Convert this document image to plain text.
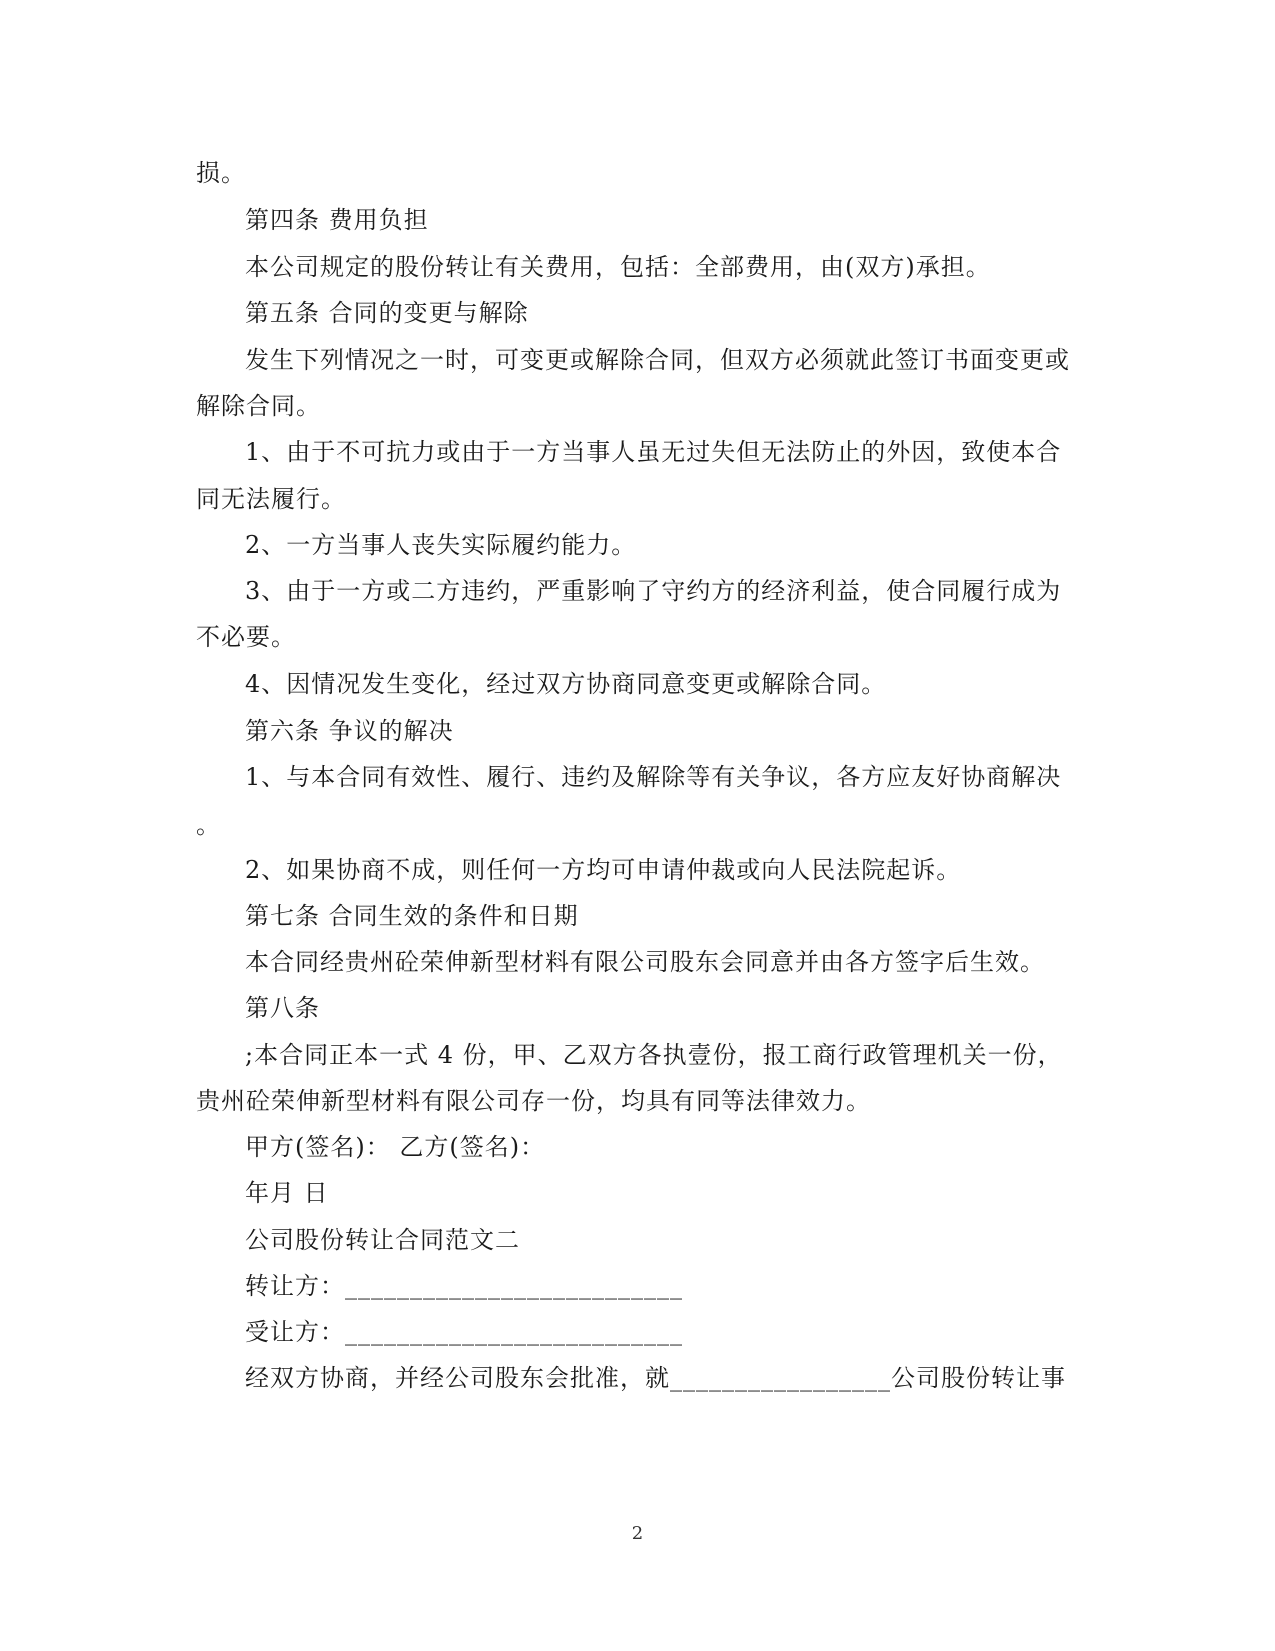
损。
第四条 费用负担
本公司规定的股份转让有关费用，包括：全部费用，由(双方)承担。
第五条 合同的变更与解除
发生下列情况之一时，可变更或解除合同，但双方必须就此签订书面变更或
解除合同。
1、由于不可抗力或由于一方当事人虽无过失但无法防止的外因，致使本合
同无法履行。
2、一方当事人丧失实际履约能力。
3、由于一方或二方违约，严重影响了守约方的经济利益，使合同履行成为
不必要。
4、因情况发生变化，经过双方协商同意变更或解除合同。
第六条 争议的解决
1、与本合同有效性、履行、违约及解除等有关争议，各方应友好协商解决
。
2、如果协商不成，则任何一方均可申请仲裁或向人民法院起诉。
第七条 合同生效的条件和日期
本合同经贵州砼荣伸新型材料有限公司股东会同意并由各方签字后生效。
第八条
;本合同正本一式 4 份，甲、乙双方各执壹份，报工商行政管理机关一份，
贵州砼荣伸新型材料有限公司存一份，均具有同等法律效力。
甲方(签名)： 乙方(签名)：
年月 日
公司股份转让合同范文二
转让方：__________________________
受让方：__________________________
经双方协商，并经公司股东会批准，就_________________公司股份转让事
2
